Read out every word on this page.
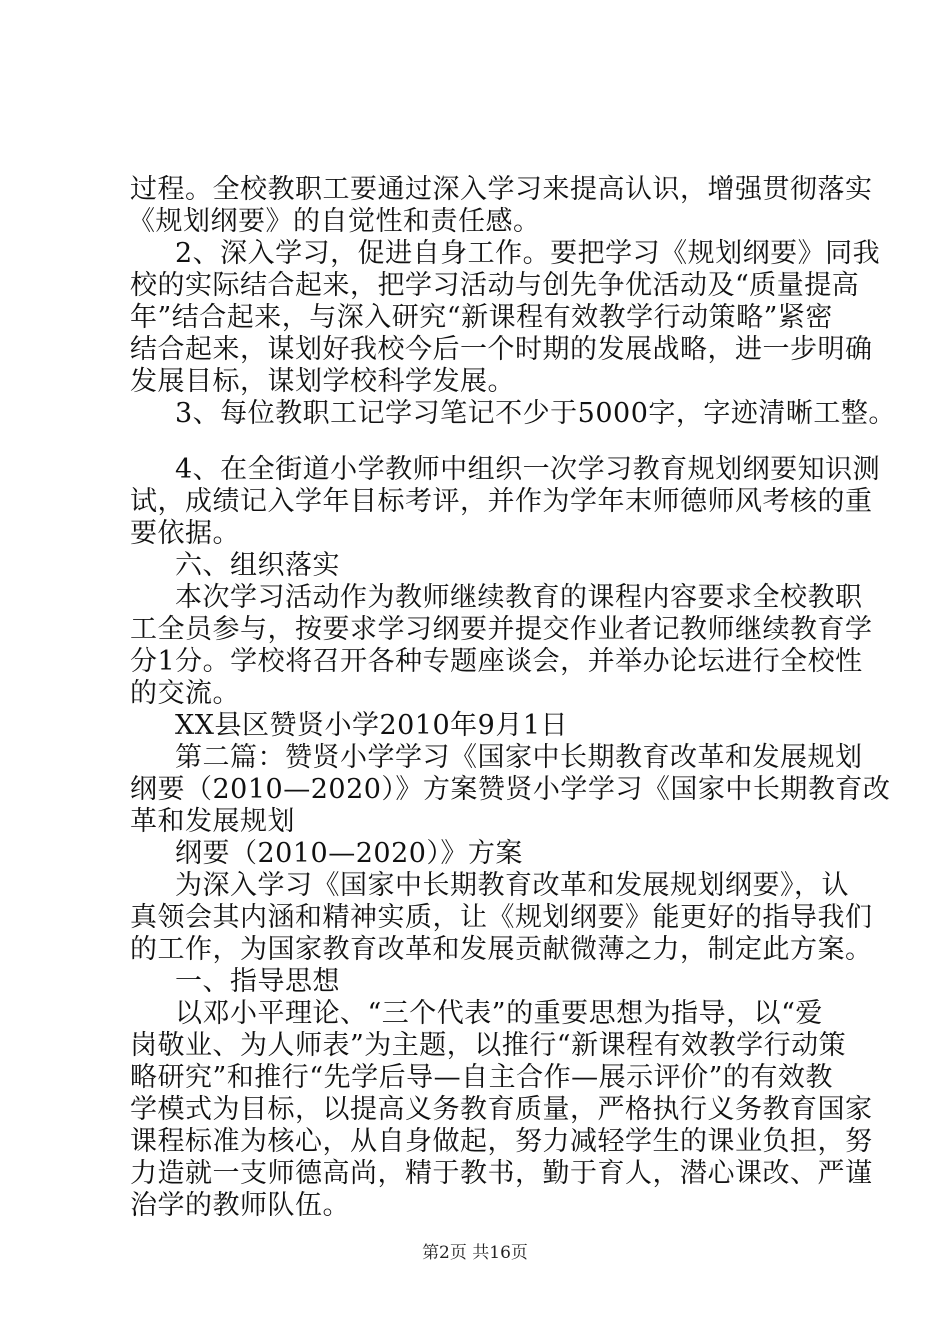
过程。全校教职工要通过深入学习来提高认识，增强贯彻落实
《规划纲要》的自觉性和责任感。
2、深入学习，促进自身工作。要把学习《规划纲要》同我
校的实际结合起来，把学习活动与创先争优活动及“质量提高
年”结合起来，与深入研究“新课程有效教学行动策略”紧密
结合起来，谋划好我校今后一个时期的发展战略，进一步明确
发展目标，谋划学校科学发展。
3、每位教职工记学习笔记不少于5000字，字迹清晰工整。
4、在全街道小学教师中组织一次学习教育规划纲要知识测
试，成绩记入学年目标考评，并作为学年末师德师风考核的重
要依据。
六、组织落实
本次学习活动作为教师继续教育的课程内容要求全校教职
工全员参与，按要求学习纲要并提交作业者记教师继续教育学
分1分。学校将召开各种专题座谈会，并举办论坛进行全校性
的交流。
XX县区赞贤小学2010年9月1日
第二篇：赞贤小学学习《国家中长期教育改革和发展规划
纲要（2010—2020）》方案赞贤小学学习《国家中长期教育改
革和发展规划
纲要（2010—2020）》方案
为深入学习《国家中长期教育改革和发展规划纲要》，认
真领会其内涵和精神实质，让《规划纲要》能更好的指导我们
的工作，为国家教育改革和发展贡献微薄之力，制定此方案。
一、指导思想
以邓小平理论、“三个代表”的重要思想为指导，以“爱
岗敬业、为人师表”为主题，以推行“新课程有效教学行动策
略研究”和推行“先学后导—自主合作—展示评价”的有效教
学模式为目标，以提高义务教育质量，严格执行义务教育国家
课程标准为核心，从自身做起，努力减轻学生的课业负担，努
力造就一支师德高尚，精于教书，勤于育人，潜心课改、严谨
治学的教师队伍。
第2页 共16页
